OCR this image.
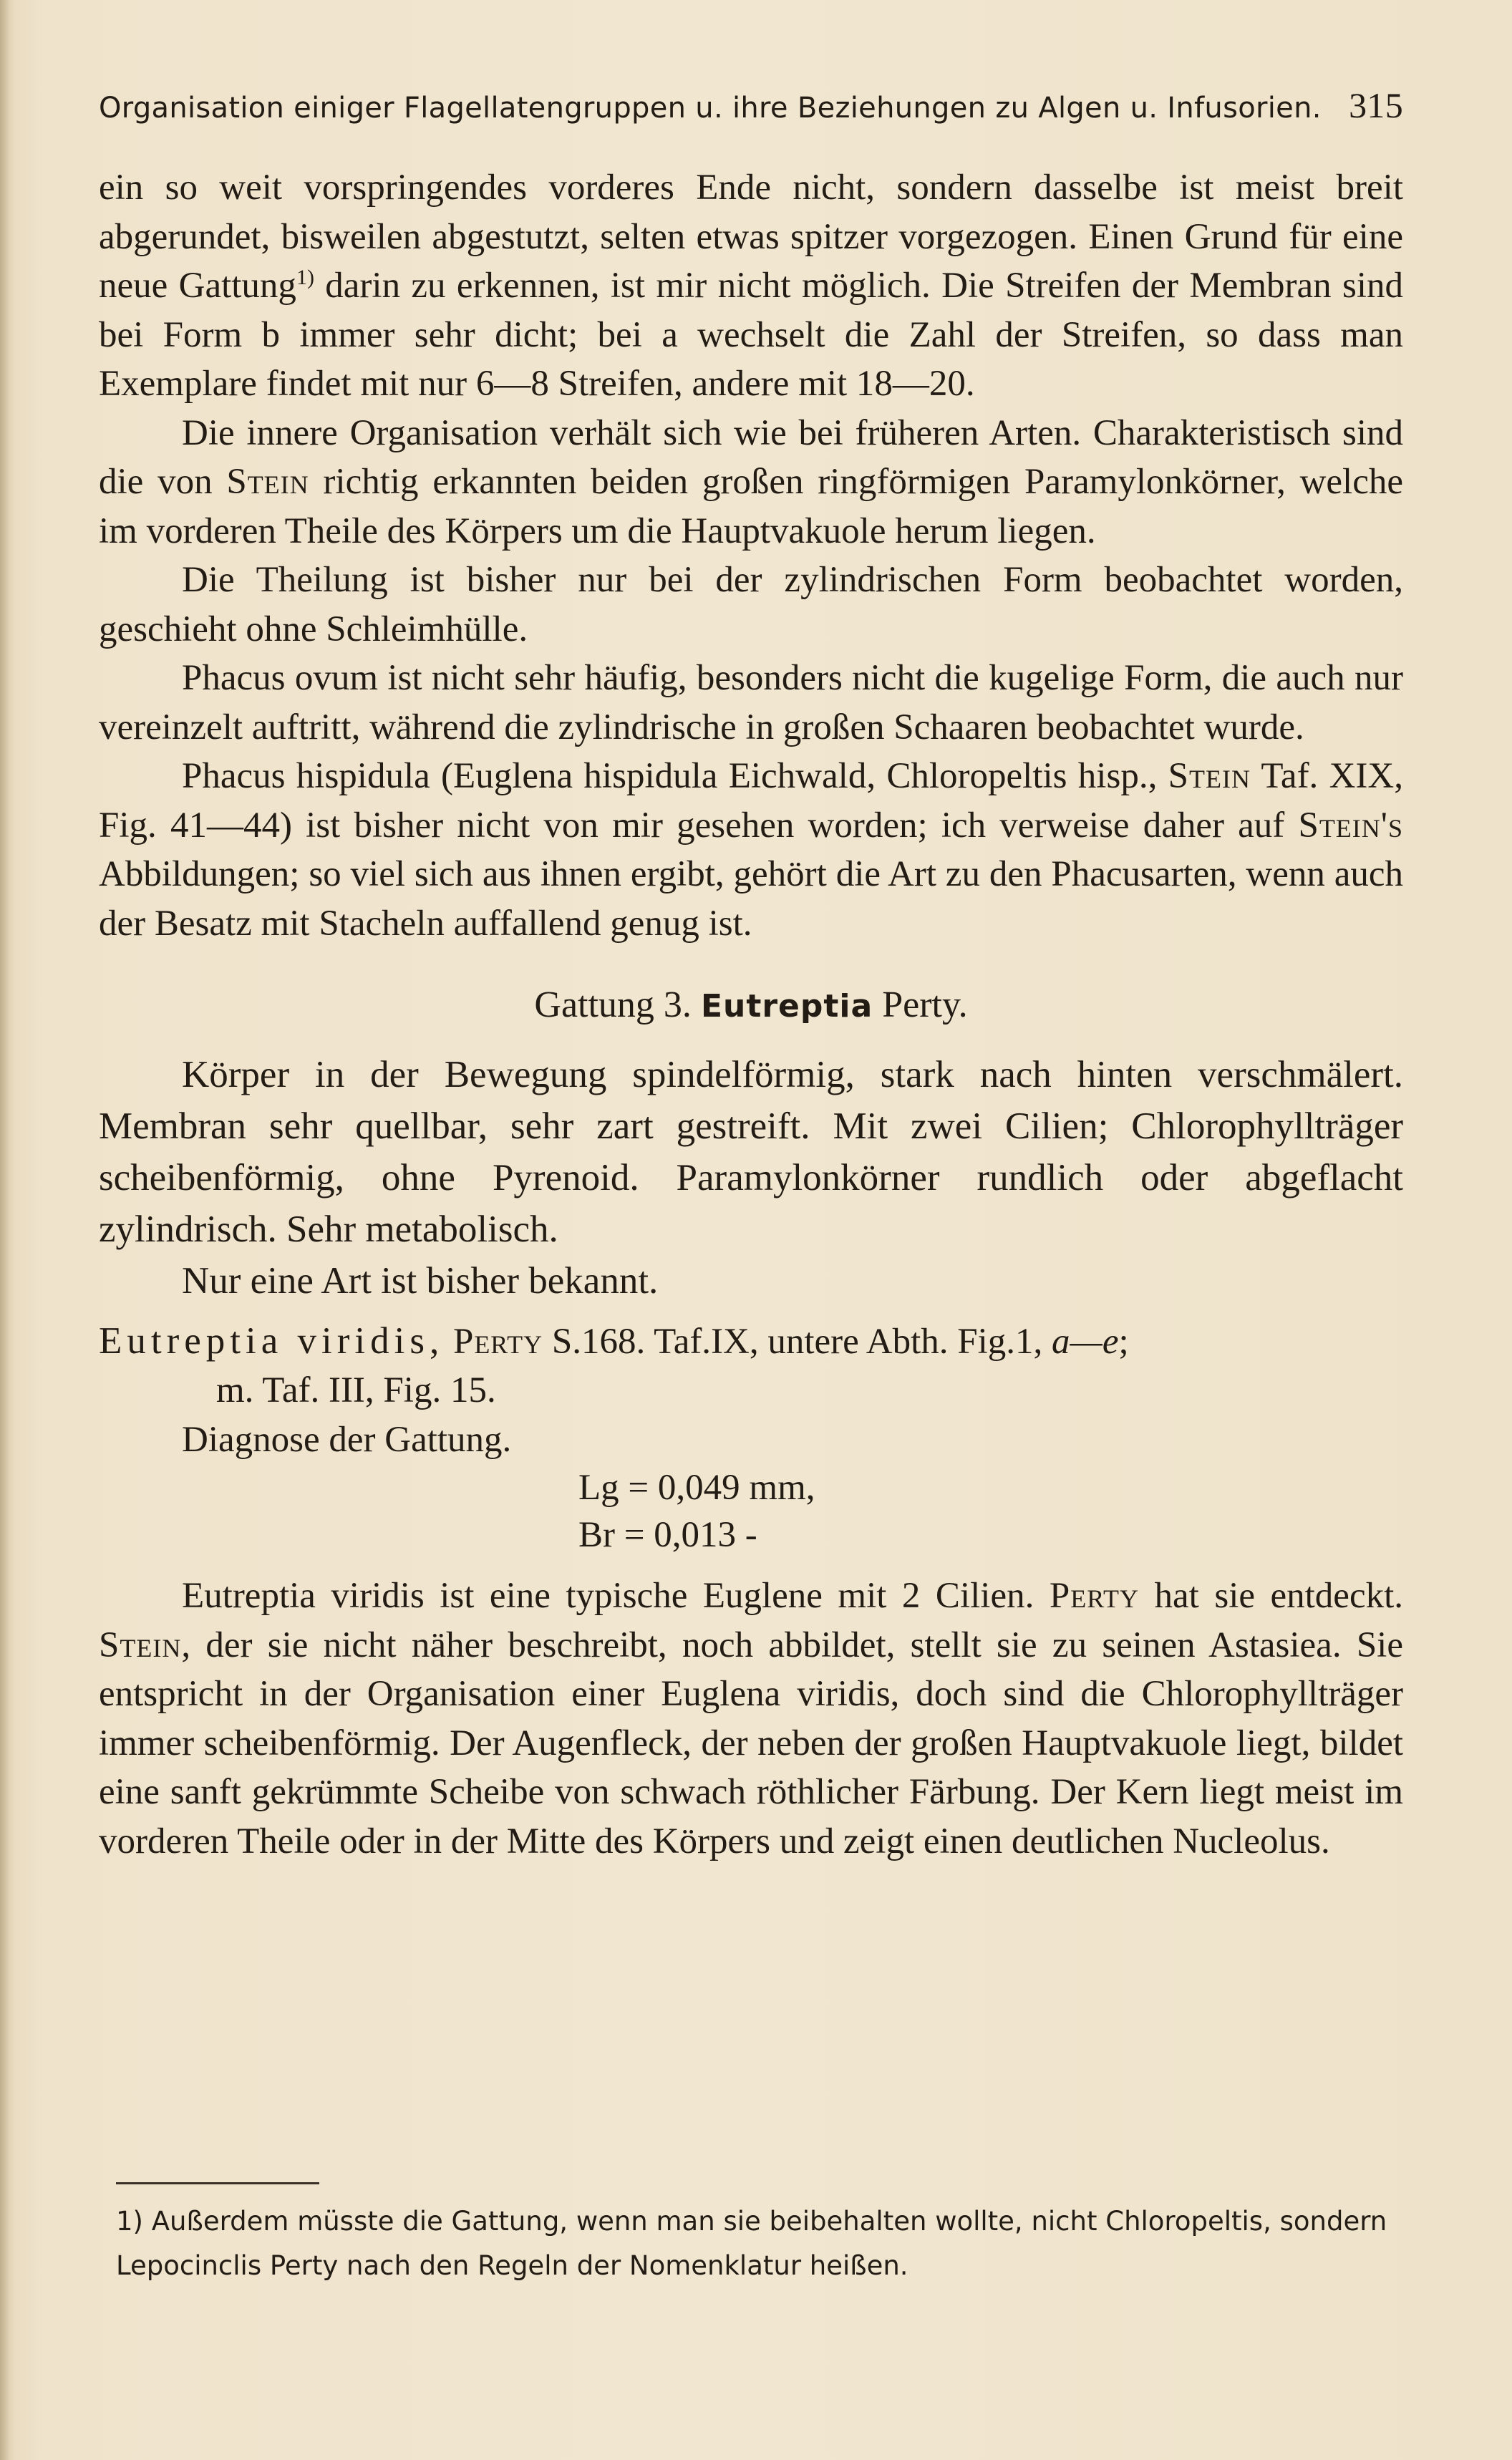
Organisation einiger Flagellatengruppen u. ihre Beziehungen zu Algen u. Infusorien. 315

ein so weit vorspringendes vorderes Ende nicht, sondern dasselbe ist meist breit abgerundet, bisweilen abgestutzt, selten etwas spitzer vorgezogen. Einen Grund für eine neue Gattung$^{1)}$ darin zu erkennen, ist mir nicht möglich. Die Streifen der Membran sind bei Form b immer sehr dicht; bei a wechselt die Zahl der Streifen, so dass man Exemplare findet mit nur 6—8 Streifen, andere mit 18—20.

Die innere Organisation verhält sich wie bei früheren Arten. Charakteristisch sind die von Stein richtig erkannten beiden großen ringförmigen Paramylonkörner, welche im vorderen Theile des Körpers um die Hauptvakuole herum liegen.

Die Theilung ist bisher nur bei der zylindrischen Form beobachtet worden, geschieht ohne Schleimhülle.

Phacus ovum ist nicht sehr häufig, besonders nicht die kugelige Form, die auch nur vereinzelt auftritt, während die zylindrische in großen Schaaren beobachtet wurde.

Phacus hispidula (Euglena hispidula Eichwald, Chloropeltis hisp., Stein Taf. XIX, Fig. 41—44) ist bisher nicht von mir gesehen worden; ich verweise daher auf Stein's Abbildungen; so viel sich aus ihnen ergibt, gehört die Art zu den Phacusarten, wenn auch der Besatz mit Stacheln auffallend genug ist.

Gattung 3. Eutreptia Perty.

Körper in der Bewegung spindelförmig, stark nach hinten verschmälert. Membran sehr quellbar, sehr zart gestreift. Mit zwei Cilien; Chlorophyllträger scheibenförmig, ohne Pyrenoid. Paramylonkörner rundlich oder abgeflacht zylindrisch. Sehr metabolisch.

Nur eine Art ist bisher bekannt.

Eutreptia viridis, Perty S.168. Taf.IX, untere Abth. Fig.1, a—e;
m. Taf. III, Fig. 15.
Diagnose der Gattung.
Lg = 0,049 mm,
Br = 0,013 -

Eutreptia viridis ist eine typische Euglene mit 2 Cilien. Perty hat sie entdeckt. Stein, der sie nicht näher beschreibt, noch abbildet, stellt sie zu seinen Astasiea. Sie entspricht in der Organisation einer Euglena viridis, doch sind die Chlorophyllträger immer scheibenförmig. Der Augenfleck, der neben der großen Hauptvakuole liegt, bildet eine sanft gekrümmte Scheibe von schwach röthlicher Färbung. Der Kern liegt meist im vorderen Theile oder in der Mitte des Körpers und zeigt einen deutlichen Nucleolus.

1) Außerdem müsste die Gattung, wenn man sie beibehalten wollte, nicht Chloropeltis, sondern Lepocinclis Perty nach den Regeln der Nomenklatur heißen.
